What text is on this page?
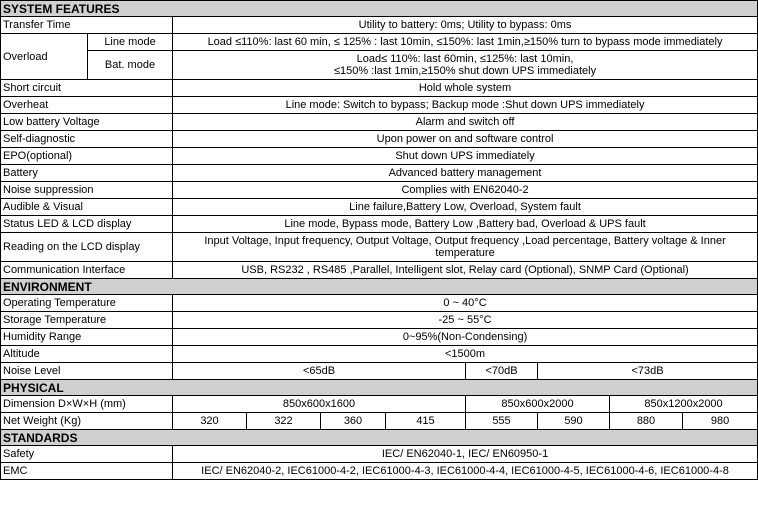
SYSTEM FEATURES									
Transfer Time		Utility to battery: 0ms; Utility to bypass: 0ms							
Overload	Line mode	Load ≤110%: last 60 min, ≤ 125% : last 10min, ≤150%: last 1min,≥150% turn to bypass mode immediately							
	Bat. mode	Load≤ 110%: last 60min, ≤125%: last 10min,
≤150% :last 1min,≥150% shut down UPS immediately							
Short circuit		Hold whole system							
Overheat		Line mode: Switch to bypass; Backup mode :Shut down UPS immediately							
Low battery Voltage		Alarm and switch off							
Self-diagnostic		Upon power on and software control							
EPO(optional)		Shut down UPS immediately							
Battery		Advanced battery management							
Noise suppression		Complies with EN62040-2							
Audible & Visual		Line failure,Battery Low, Overload, System fault							
Status LED & LCD display		Line mode, Bypass mode, Battery Low ,Battery bad, Overload & UPS fault							
Reading on the LCD display		Input Voltage, Input frequency, Output Voltage, Output frequency ,Load percentage, Battery voltage & Inner temperature							
Communication Interface		USB, RS232 , RS485 ,Parallel, Intelligent slot, Relay card (Optional), SNMP Card (Optional)							
ENVIRONMENT									
Operating Temperature		0 ~ 40°C							
Storage Temperature		-25 ~ 55°C							
Humidity Range		0~95%(Non-Condensing)							
Altitude		<1500m							
Noise Level		<65dB				<70dB	<73dB		
PHYSICAL									
Dimension D×W×H (mm)		850x600x1600				850x600x2000		850x1200x2000	
Net Weight (Kg)		320	322	360	415	555	590	880	980
STANDARDS									
Safety		IEC/ EN62040-1, IEC/ EN60950-1							
EMC		IEC/ EN62040-2, IEC61000-4-2, IEC61000-4-3, IEC61000-4-4, IEC61000-4-5, IEC61000-4-6, IEC61000-4-8							
